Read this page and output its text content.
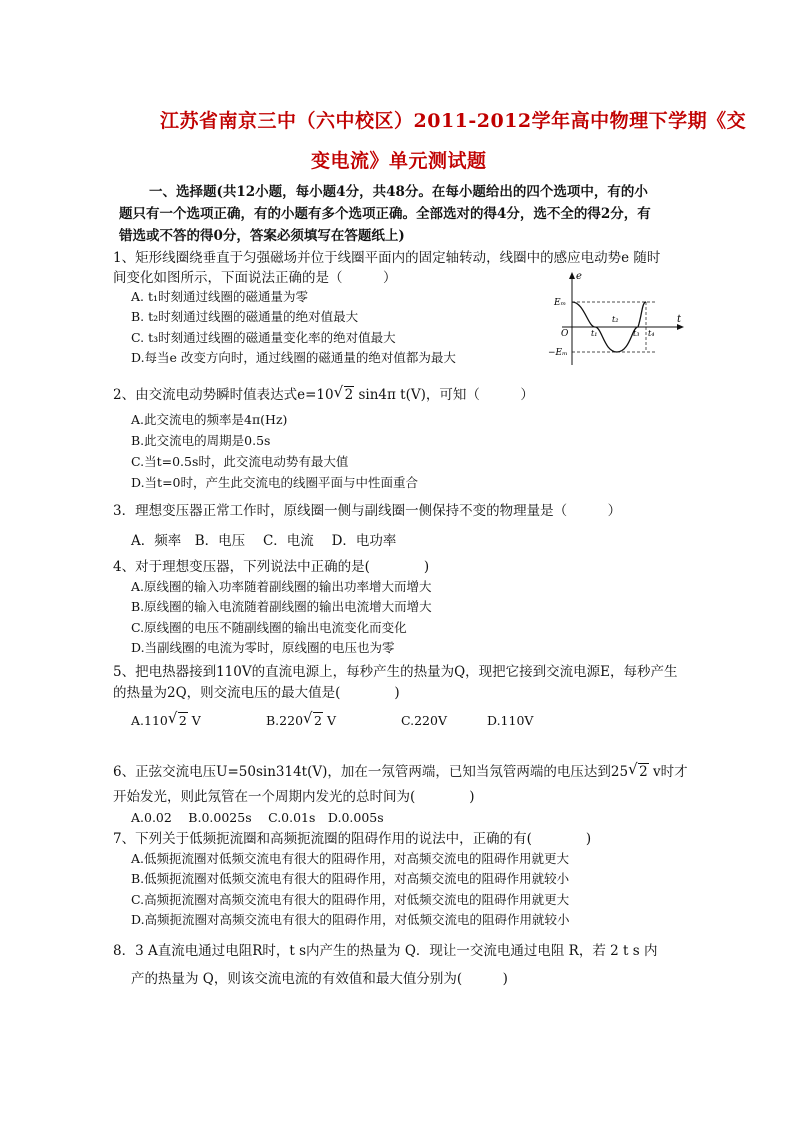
江苏省南京三中（六中校区）2011-2012学年高中物理下学期《交
变电流》单元测试题
一、选择题(共12小题，每小题4分，共48分。在每小题给出的四个选项中，有的小
题只有一个选项正确，有的小题有多个选项正确。全部选对的得4分，选不全的得2分，有
错选或不答的得0分，答案必须填写在答题纸上)
1、矩形线圈绕垂直于匀强磁场并位于线圈平面内的固定轴转动，线圈中的感应电动势e 随时
间变化如图所示，下面说法正确的是（　　　）
A. t₁时刻通过线圈的磁通量为零
B. t₂时刻通过线圈的磁通量的绝对值最大
C. t₃时刻通过线圈的磁通量变化率的绝对值最大
D.每当e 改变方向时，通过线圈的磁通量的绝对值都为最大
e
t
Eₘ
−Eₘ
O	t₁
t₂
t₃ t₄
2、由交流电动势瞬时值表达式e=10 √ 2 sin4π t(V)，可知（　　　）
A.此交流电的频率是4π(Hz)
B.此交流电的周期是0.5s
C.当t=0.5s时，此交流电动势有最大值
D.当t=0时，产生此交流电的线圈平面与中性面重合
3．理想变压器正常工作时，原线圈一侧与副线圈一侧保持不变的物理量是（　　　）
A．频率　B．电压　 C．电流　 D．电功率
4、对于理想变压器，下列说法中正确的是(　　　　)
A.原线圈的输入功率随着副线圈的输出功率增大而增大
B.原线圈的输入电流随着副线圈的输出电流增大而增大
C.原线圈的电压不随副线圈的输出电流变化而变化
D.当副线圈的电流为零时，原线圈的电压也为零
5、把电热器接到110V的直流电源上，每秒产生的热量为Q，现把它接到交流电源E，每秒产生
的热量为2Q，则交流电压的最大值是(　　　　)
A.110 √ 2 V	B.220 √ 2 V	C.220V	D.110V
6、正弦交流电压U=50sin314t(V)，加在一氖管两端，已知当氖管两端的电压达到25 √ 2 v时才
开始发光，则此氖管在一个周期内发光的总时间为(　　　　)
A.0.02　 B.0.0025s　 C.0.01s　D.0.005s
7、下列关于低频扼流圈和高频扼流圈的阻碍作用的说法中，正确的有(　　　　)
A.低频扼流圈对低频交流电有很大的阻碍作用，对高频交流电的阻碍作用就更大
B.低频扼流圈对低频交流电有很大的阻碍作用，对高频交流电的阻碍作用就较小
C.高频扼流圈对高频交流电有很大的阻碍作用，对低频交流电的阻碍作用就更大
D.高频扼流圈对高频交流电有很大的阻碍作用，对低频交流电的阻碍作用就较小
8．3 A直流电通过电阻R时，t s内产生的热量为 Q．现让一交流电通过电阻 R，若 2 t s 内
产的热量为 Q，则该交流电流的有效值和最大值分别为(　　　)
